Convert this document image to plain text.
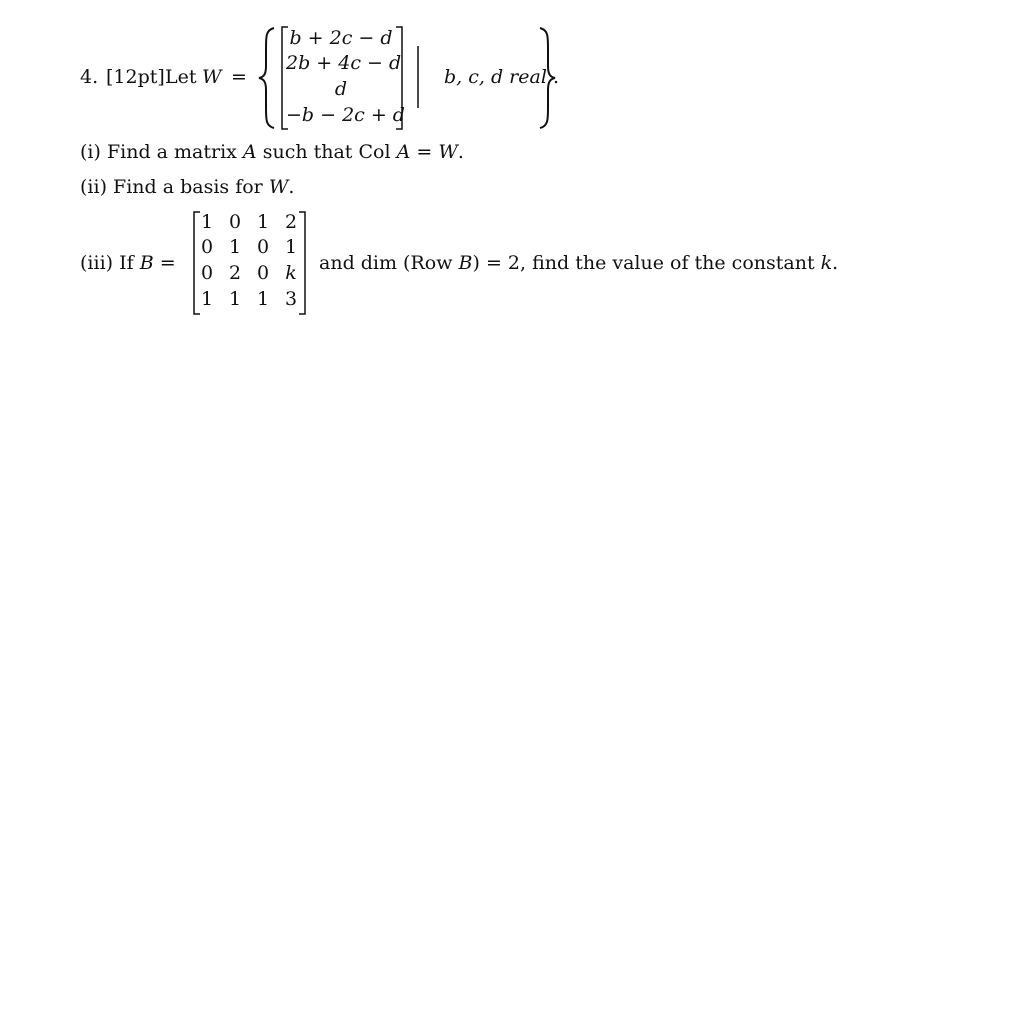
4. [12pt] Let W =
b + 2c − d
2b + 4c − d
d
−b − 2c + d
b, c, d real .
(i) Find a matrix A such that Col A = W.
(ii) Find a basis for W.
(iii) If B =
1 0 1 2
0 1 0 1
0 2 0 k
1 1 1 3
and dim (Row B) = 2, find the value of the constant k.
